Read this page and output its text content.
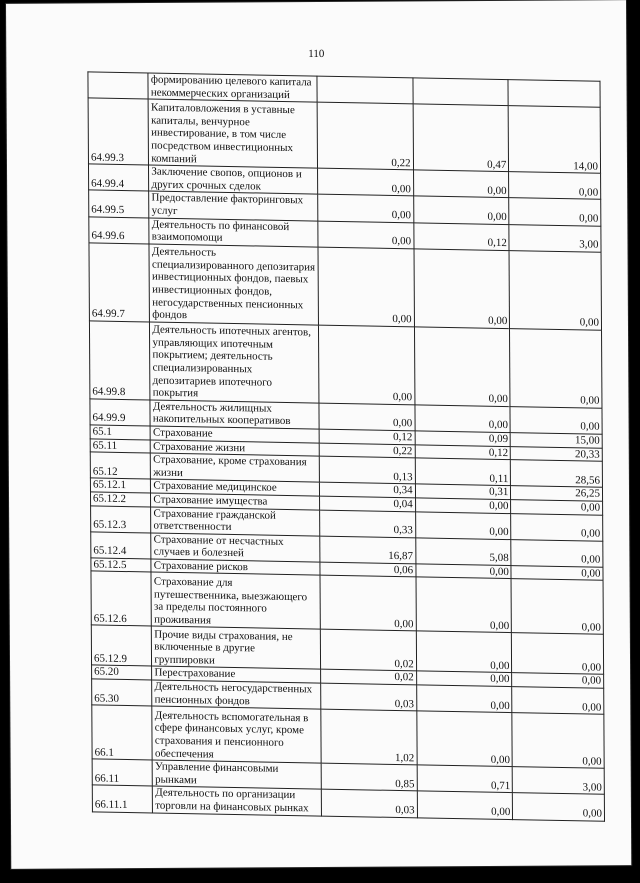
110
	формированию целевого капитала некоммерческих организаций			
64.99.3	Капиталовложения в уставные капиталы, венчурное инвестирование, в том числе посредством инвестиционных компаний	0,22	0,47	14,00
64.99.4	Заключение свопов, опционов и других срочных сделок	0,00	0,00	0,00
64.99.5	Предоставление факторинговых услуг	0,00	0,00	0,00
64.99.6	Деятельность по финансовой взаимопомощи	0,00	0,12	3,00
64.99.7	Деятельность специализированного депозитария инвестиционных фондов, паевых инвестиционных фондов, негосударственных пенсионных фондов	0,00	0,00	0,00
64.99.8	Деятельность ипотечных агентов, управляющих ипотечным покрытием; деятельность специализированных депозитариев ипотечного покрытия	0,00	0,00	0,00
64.99.9	Деятельность жилищных накопительных кооперативов	0,00	0,00	0,00
65.1	Страхование	0,12	0,09	15,00
65.11	Страхование жизни	0,22	0,12	20,33
65.12	Страхование, кроме страхования жизни	0,13	0,11	28,56
65.12.1	Страхование медицинское	0,34	0,31	26,25
65.12.2	Страхование имущества	0,04	0,00	0,00
65.12.3	Страхование гражданской ответственности	0,33	0,00	0,00
65.12.4	Страхование от несчастных случаев и болезней	16,87	5,08	0,00
65.12.5	Страхование рисков	0,06	0,00	0,00
65.12.6	Страхование для путешественника, выезжающего за пределы постоянного проживания	0,00	0,00	0,00
65.12.9	Прочие виды страхования, не включенные в другие группировки	0,02	0,00	0,00
65.20	Перестрахование	0,02	0,00	0,00
65.30	Деятельность негосударственных пенсионных фондов	0,03	0,00	0,00
66.1	Деятельность вспомогательная в сфере финансовых услуг, кроме страхования и пенсионного обеспечения	1,02	0,00	0,00
66.11	Управление финансовыми рынками	0,85	0,71	3,00
66.11.1	Деятельность по организации торговли на финансовых рынках	0,03	0,00	0,00
